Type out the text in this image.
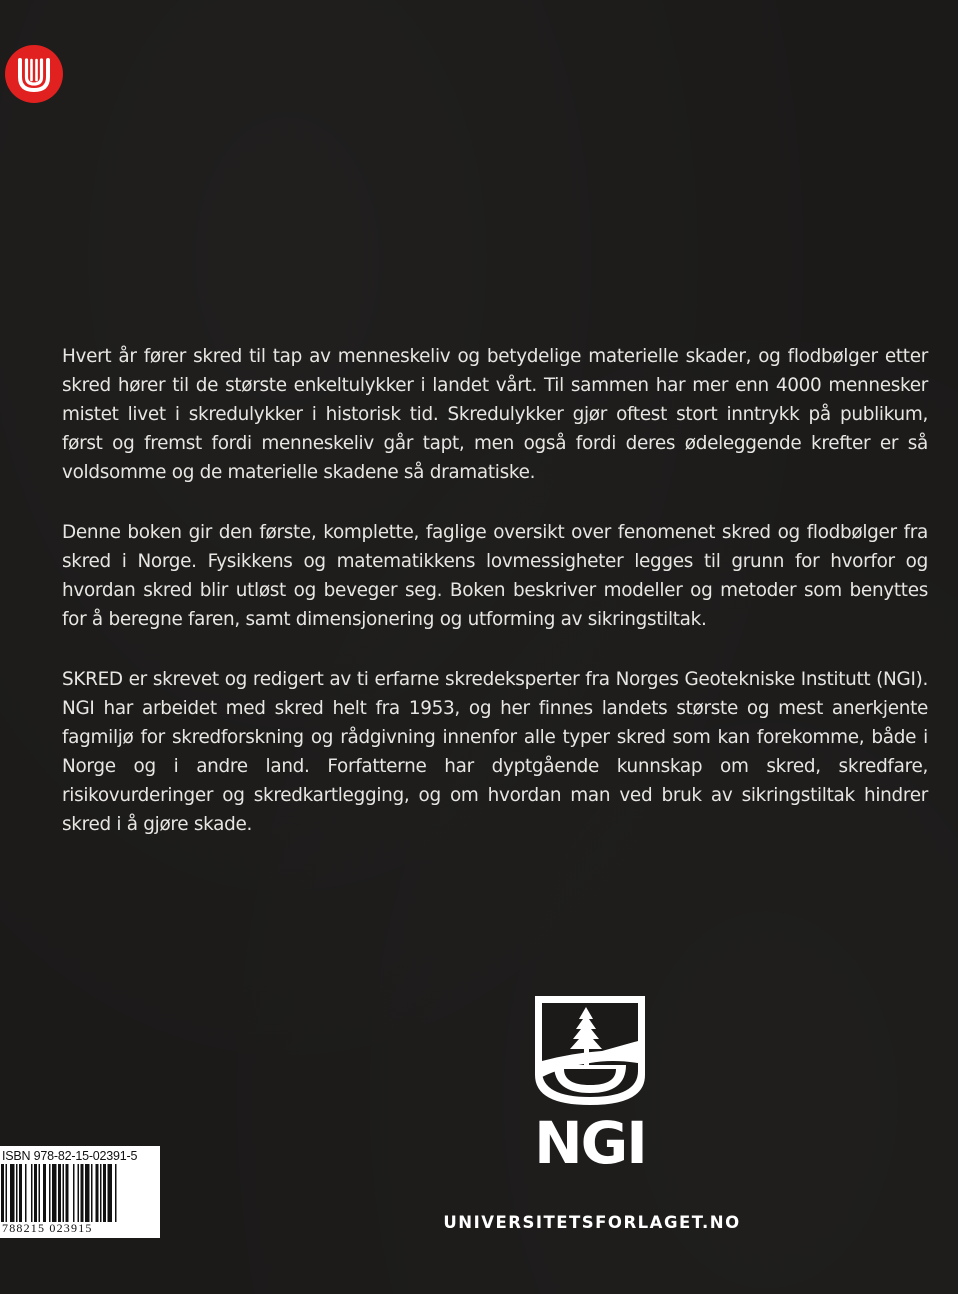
Hvert år fører skred til tap av menneskeliv og betydelige materielle skader, og flodbølger etter skred hører til de største enkeltulykker i landet vårt. Til sammen har mer enn 4000 mennesker mistet livet i skredulykker i historisk tid. Skredulykker gjør oftest stort inntrykk på publikum, først og fremst fordi menneskeliv går tapt, men også fordi deres ødeleggende krefter er så voldsomme og de materielle skadene så dramatiske.

Denne boken gir den første, komplette, faglige oversikt over fenomenet skred og flodbølger fra skred i Norge. Fysikkens og matematikkens lovmessigheter legges til grunn for hvorfor og hvordan skred blir utløst og beveger seg. Boken beskriver modeller og metoder som benyttes for å beregne faren, samt dimensjonering og utforming av sikringstiltak.

SKRED er skrevet og redigert av ti erfarne skredeksperter fra Norges Geotekniske Institutt (NGI). NGI har arbeidet med skred helt fra 1953, og her finnes landets største og mest anerkjente fagmiljø for skredforskning og rådgivning innenfor alle typer skred som kan forekomme, både i Norge og i andre land. Forfatterne har dyptgående kunnskap om skred, skredfare, risikovurderinger og skredkartlegging, og om hvordan man ved bruk av sikringstiltak hindrer skred i å gjøre skade.

NGI
UNIVERSITETSFORLAGET.NO
ISBN 978-82-15-02391-5
788215 023915
